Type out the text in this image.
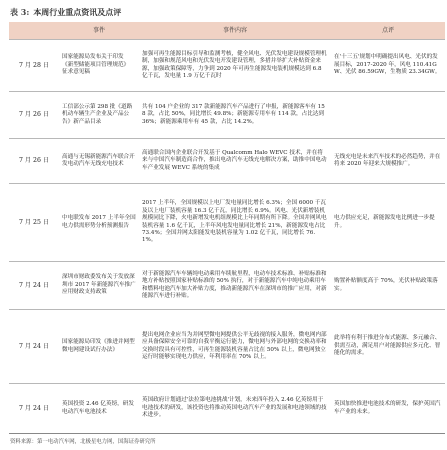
表 3: 本周行业重点资讯及点评
	事件	事件内容	点评
7 月 28 日	国家能源局发布关于印发 《新型储能项目管理规范》 征求意见稿	加强可再生能源目标引导和监测考核，健全风电、光伏发电建设规模管理机制，加强和规范风电和光伏发电开发建设管理，多措并举扩大补贴资金来源，加强政策保障等，力争到 2020 年可再生能源发电装机规模达到 6.8 亿千瓦，发电量 1.9 万亿千瓦时	在'十三五'规划中明确提出风电、光伏的发展目标，2017-2020 年，风电 110.41GW、光伏 86.59GW，生物质 23.34GW。
7 月 26 日	工信部公示第 298 批《道路机动车辆生产企业及产品公告》新产品目录	共有 104 户企业的 317 款新能源汽车产品进行了申报，新能源客车有 158 款，占比 50%，同比增长 49.8%；新能源专用车有 114 款，占比达到 36%；新能源乘用车有 45 款，占比 14.2%。	
7 月 26 日	高通与无锡新能源汽车联合开发电动汽车无线充电技术	高通联合国内企业联合开发基于 Qualcomm Halo WEVC 技术，并在将来与中国汽车制造商合作，推出电动汽车无线充电解决方案，助推中国电动车产业发展 WEVC 系统的集成	无线充电是未来汽车技术的必然趋势，并在将来 2020 年迎来大规模推广。
7 月 25 日	中电联发布 2017 上半年全国电力供需形势分析预测报告	2017 上半年，全国规模以上电厂发电量同比增长 6.3%；全国 6000 千瓦及以上电厂装机容量 16.3 亿千瓦，同比增长 6.9%。风电、光伏新增装机规模同比下降，火电新增发电机组规模比上年同期有所下降。全国并网风电装机容量 1.6 亿千瓦，上半年风电发电量同比增长 21%，新能源发电占比 73.4%；全国并网太阳能发电装机容量为 1.02 亿千瓦，同比增长 76.1%。	电力供应充足，新能源发电比例进一步提升。
7 月 24 日	深圳市财政委发布关于发放深圳市 2017 年新能源汽车推广应用财政支持政策	对于新能源汽车车辆纯电动乘用车续航里程，电动车技术标准、补贴标准和地方补贴按照国家补贴标准的 50% 执行，对于新能源汽车中纯电动乘用车和燃料电池汽车加大补贴力度，推动新能源汽车在深圳市的推广应用，对新能源汽车进行补贴。	购置补贴额度高于 70%，光伏补贴政策落实。
7 月 24 日	国家能源局印发《推进并网型微电网建设试行办法》	提出电网企业应当为并网型微电网提供公平无歧视的接入服务，微电网内部应具备保障安全可靠的自我平衡运行能力，微电网与外部电网的交换功率和交换时段具有可控性，可再生能源装机容量占比在 50% 以上，微电网独立运行时能够实现电力供应，年利用率在 70% 以上。	此举将有利于推进分布式能源、多元融合、供需互动，满足用户对能源供应多元化、智能化的需求。
7 月 24 日	英国投资 2.46 亿英镑，研发电动汽车电池技术	英国政府计划通过'法拉第电池挑战'计划，未来四年投入 2.46 亿英镑用于电池技术的研发，该投资也将推动英国电动汽车产业的发展和电池领域的技术进步。	英国加快推进电池技术的研发，保护英国汽车产业的未来。
资料来源：第一电动汽车网，北极星电力网，国海证券研究所
